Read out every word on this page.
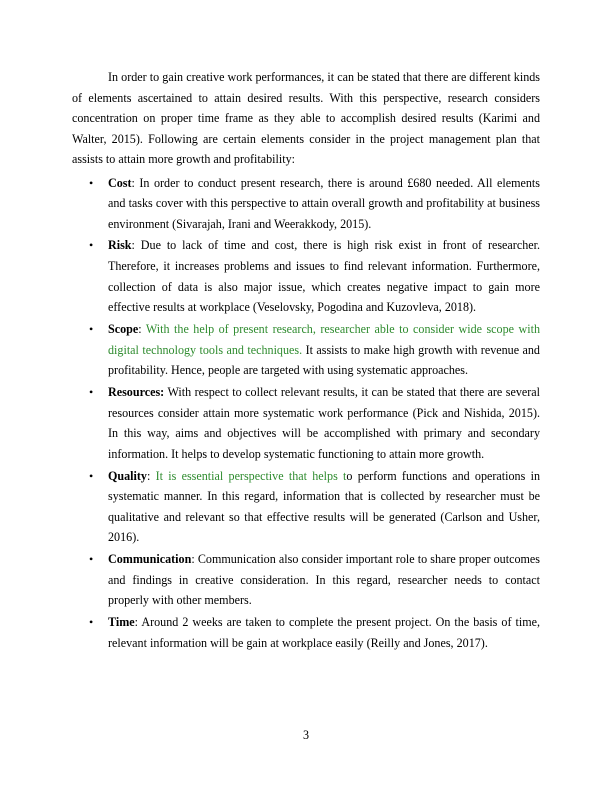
In order to gain creative work performances, it can be stated that there are different kinds of elements ascertained to attain desired results. With this perspective, research considers concentration on proper time frame as they able to accomplish desired results (Karimi and Walter, 2015). Following are certain elements consider in the project management plan that assists to attain more growth and profitability:

•	Cost: In order to conduct present research, there is around £680 needed. All elements and tasks cover with this perspective to attain overall growth and profitability at business environment (Sivarajah, Irani and Weerakkody, 2015).
•	Risk: Due to lack of time and cost, there is high risk exist in front of researcher. Therefore, it increases problems and issues to find relevant information. Furthermore, collection of data is also major issue, which creates negative impact to gain more effective results at workplace (Veselovsky, Pogodina and Kuzovleva, 2018).
•	Scope: With the help of present research, researcher able to consider wide scope with digital technology tools and techniques. It assists to make high growth with revenue and profitability. Hence, people are targeted with using systematic approaches.
•	Resources: With respect to collect relevant results, it can be stated that there are several resources consider attain more systematic work performance (Pick and Nishida, 2015). In this way, aims and objectives will be accomplished with primary and secondary information. It helps to develop systematic functioning to attain more growth.
•	Quality: It is essential perspective that helps to perform functions and operations in systematic manner. In this regard, information that is collected by researcher must be qualitative and relevant so that effective results will be generated (Carlson and Usher, 2016).
•	Communication: Communication also consider important role to share proper outcomes and findings in creative consideration. In this regard, researcher needs to contact properly with other members.
•	Time: Around 2 weeks are taken to complete the present project. On the basis of time, relevant information will be gain at workplace easily (Reilly and Jones, 2017).
3
